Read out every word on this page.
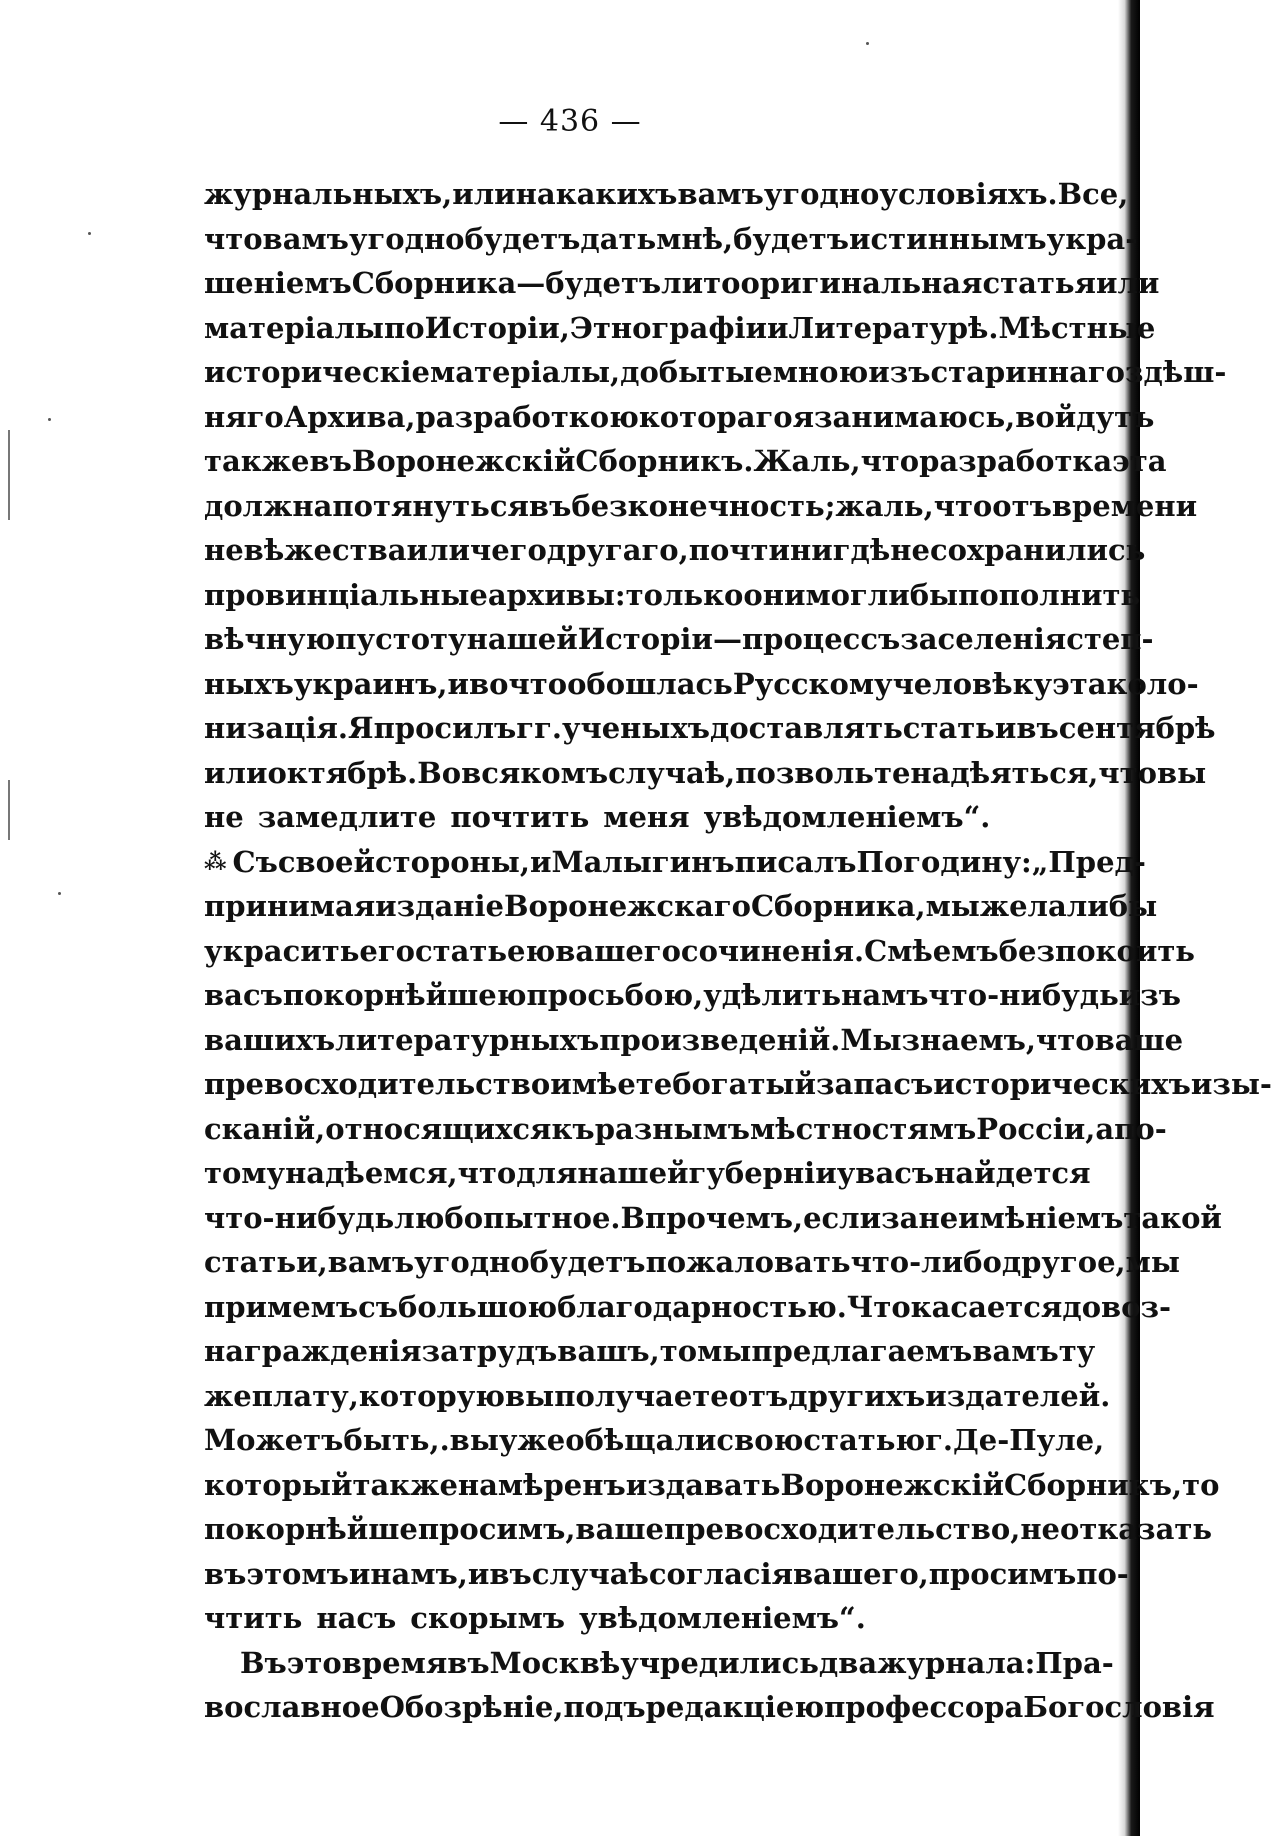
— 436 —
журнальныхъ, или на какихъ вамъ угодно условіяхъ. Все,
что вамъ угодно будетъ дать мнѣ, будетъ истиннымъ укра-
шеніемъ Сборника — будетъ ли то оригинальная статья или
матеріалы по Исторіи, Этнографіи и Литературѣ. Мѣстные
историческіе матеріалы, добытые мною изъ стариннаго здѣш-
няго Архива, разработкою котораго я занимаюсь, войдутъ
также въ Воронежскій Сборникъ. Жаль, что разработка эта
должна потянуться въ безконечность; жаль, что отъ времени
невѣжества или чего другаго, почти нигдѣ не сохранились
провинціальные архивы: только они могли бы пополнить
вѣчную пустоту нашей Исторіи — процессъ заселенія степ-
ныхъ украинъ, и во что обошлась Русскому человѣку эта коло-
низація. Я просилъ гг. ученыхъ доставлять статьи въ сентябрѣ
или октябрѣ. Во всякомъ случаѣ, позвольте надѣяться, что вы
не замедлите почтить меня увѣдомленіемъ“.
⁂ Съ своей стороны, и Малыгинъ писалъ Погодину: „Пред-
принимая изданіе Воронежскаго Сборника, мы желали бы
украсить его статьею вашего сочиненія. Смѣемъ безпокоить
васъ покорнѣйшею просьбою, удѣлить намъ что-нибудь изъ
вашихъ литературныхъ произведеній. Мы знаемъ, что ваше
превосходительство имѣете богатый запасъ историческихъ изы-
сканій, относящихся къ разнымъ мѣстностямъ Россіи, а по-
тому надѣемся, что для нашей губерніи у васъ найдется
что-нибудь любопытное. Впрочемъ, если за неимѣніемъ такой
статьи, вамъ угодно будетъ пожаловать что-либо другое, мы
примемъ съ большою благодарностью. Что касается до воз-
награжденія за трудъ вашъ, то мы предлагаемъ вамъ ту
же плату, которую вы получаете отъ другихъ издателей.
Можетъ быть,. вы уже обѣщали свою статью г. Де-Пуле,
который также намѣренъ издавать Воронежскій Сборникъ, то
покорнѣйше просимъ, ваше превосходительство, не отказать
въ этомъ и намъ, и въ случаѣ согласія вашего, просимъ по-
чтить насъ скорымъ увѣдомленіемъ“.
Въ это время въ Москвѣ учредились два журнала: Пра-
вославное Обозрѣніе, подъ редакціею профессора Богословія
